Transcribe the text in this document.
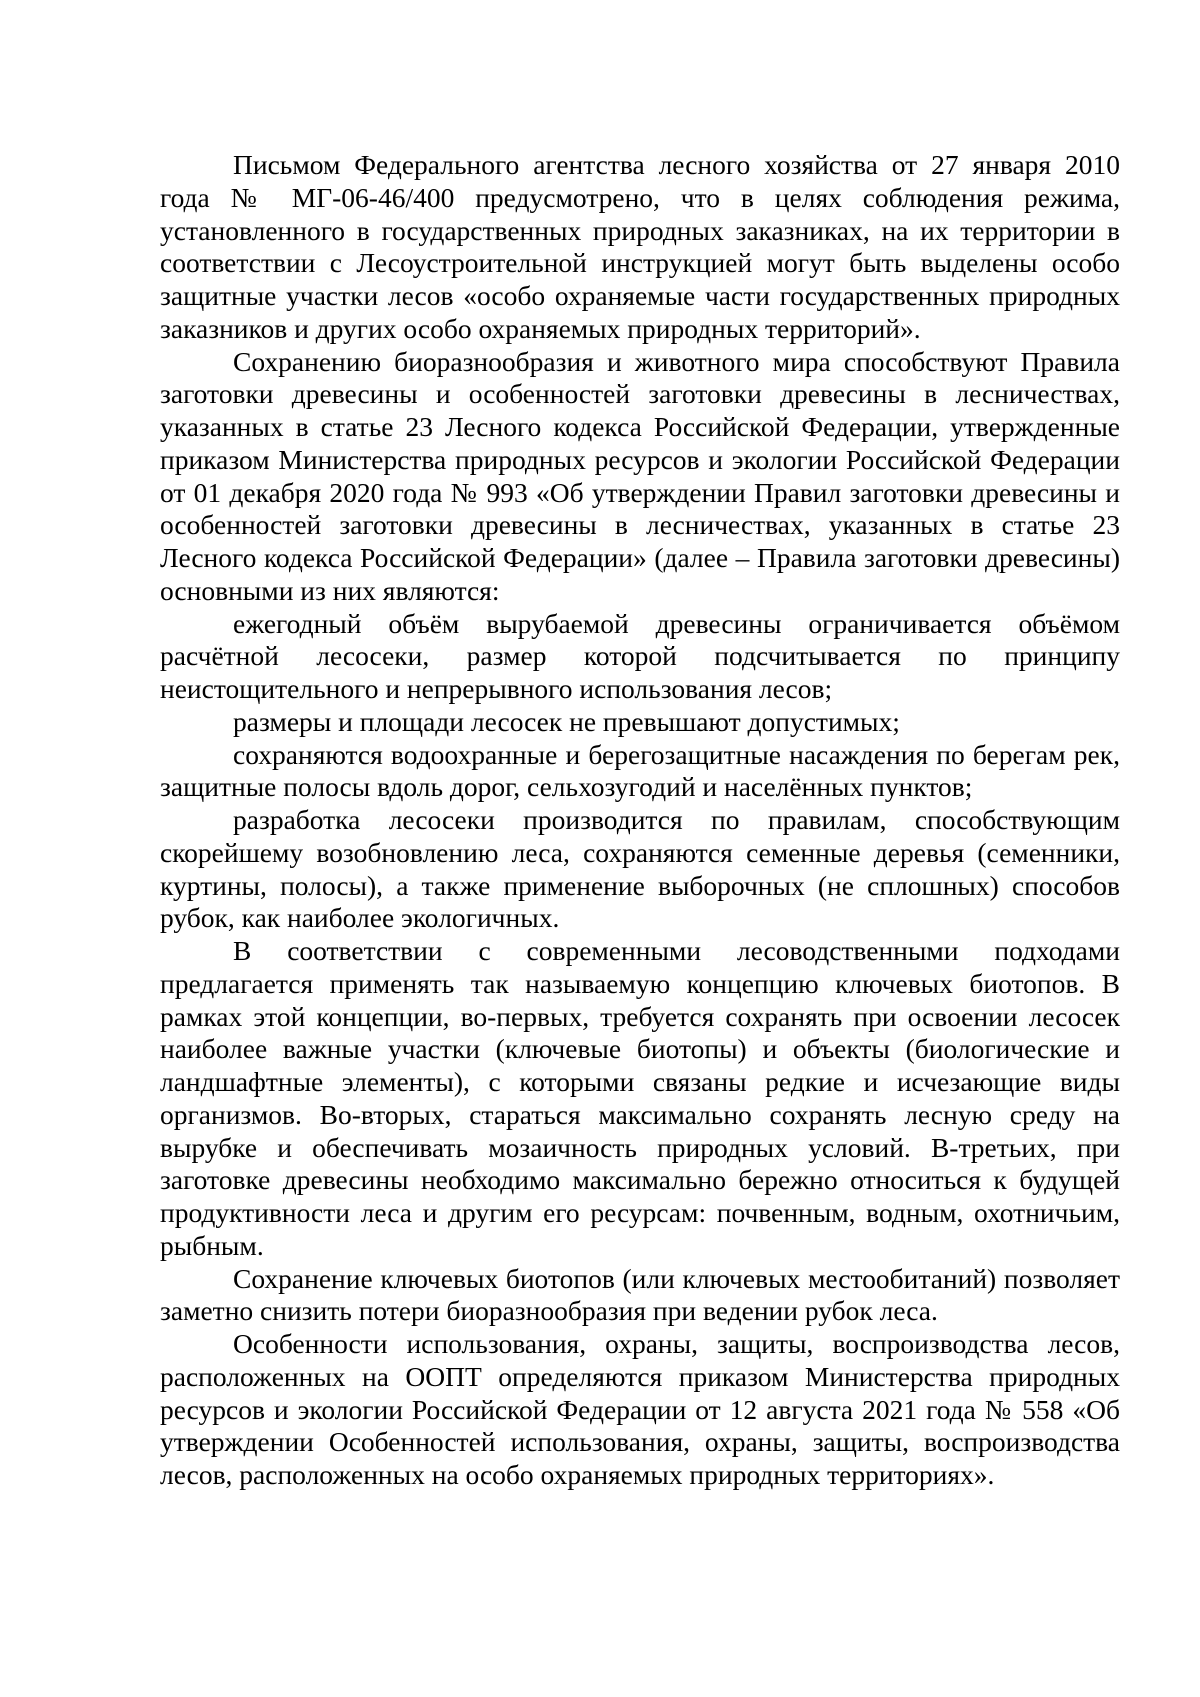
Письмом Федерального агентства лесного хозяйства от 27 января 2010 года № МГ-06-46/400 предусмотрено, что в целях соблюдения режима, установленного в государственных природных заказниках, на их территории в соответствии с Лесоустроительной инструкцией могут быть выделены особо защитные участки лесов «особо охраняемые части государственных природных заказников и других особо охраняемых природных территорий».

Сохранению биоразнообразия и животного мира способствуют Правила заготовки древесины и особенностей заготовки древесины в лесничествах, указанных в статье 23 Лесного кодекса Российской Федерации, утвержденные приказом Министерства природных ресурсов и экологии Российской Федерации от 01 декабря 2020 года № 993 «Об утверждении Правил заготовки древесины и особенностей заготовки древесины в лесничествах, указанных в статье 23 Лесного кодекса Российской Федерации» (далее – Правила заготовки древесины) основными из них являются:

ежегодный объём вырубаемой древесины ограничивается объёмом расчётной лесосеки, размер которой подсчитывается по принципу неистощительного и непрерывного использования лесов;

размеры и площади лесосек не превышают допустимых;

сохраняются водоохранные и берегозащитные насаждения по берегам рек, защитные полосы вдоль дорог, сельхозугодий и населённых пунктов;

разработка лесосеки производится по правилам, способствующим скорейшему возобновлению леса, сохраняются семенные деревья (семенники, куртины, полосы), а также применение выборочных (не сплошных) способов рубок, как наиболее экологичных.

В соответствии с современными лесоводственными подходами предлагается применять так называемую концепцию ключевых биотопов. В рамках этой концепции, во-первых, требуется сохранять при освоении лесосек наиболее важные участки (ключевые биотопы) и объекты (биологические и ландшафтные элементы), с которыми связаны редкие и исчезающие виды организмов. Во-вторых, стараться максимально сохранять лесную среду на вырубке и обеспечивать мозаичность природных условий. В-третьих, при заготовке древесины необходимо максимально бережно относиться к будущей продуктивности леса и другим его ресурсам: почвенным, водным, охотничьим, рыбным.

Сохранение ключевых биотопов (или ключевых местообитаний) позволяет заметно снизить потери биоразнообразия при ведении рубок леса.

Особенности использования, охраны, защиты, воспроизводства лесов, расположенных на ООПТ определяются приказом Министерства природных ресурсов и экологии Российской Федерации от 12 августа 2021 года № 558 «Об утверждении Особенностей использования, охраны, защиты, воспроизводства лесов, расположенных на особо охраняемых природных территориях».
